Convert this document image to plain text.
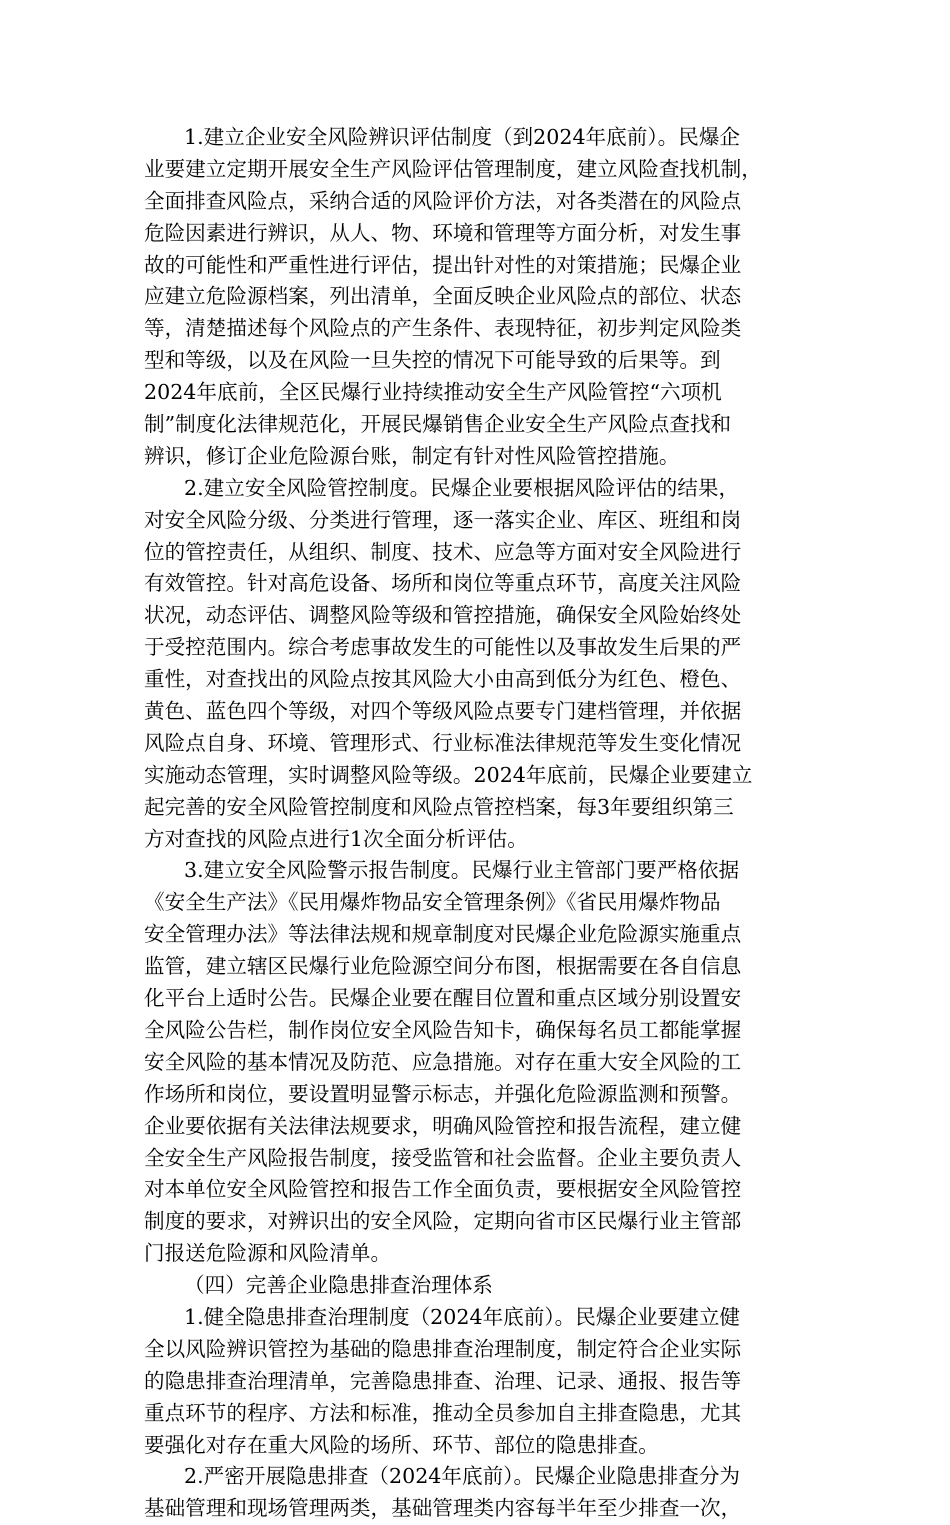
1.建立企业安全风险辨识评估制度（到2024年底前）。民爆企
业要建立定期开展安全生产风险评估管理制度，建立风险查找机制，
全面排查风险点，采纳合适的风险评价方法，对各类潜在的风险点
危险因素进行辨识，从人、物、环境和管理等方面分析，对发生事
故的可能性和严重性进行评估，提出针对性的对策措施；民爆企业
应建立危险源档案，列出清单，全面反映企业风险点的部位、状态
等，清楚描述每个风险点的产生条件、表现特征，初步判定风险类
型和等级，以及在风险一旦失控的情况下可能导致的后果等。到
2024年底前，全区民爆行业持续推动安全生产风险管控“六项机
制”制度化法律规范化，开展民爆销售企业安全生产风险点查找和
辨识，修订企业危险源台账，制定有针对性风险管控措施。
2.建立安全风险管控制度。民爆企业要根据风险评估的结果，
对安全风险分级、分类进行管理，逐一落实企业、库区、班组和岗
位的管控责任，从组织、制度、技术、应急等方面对安全风险进行
有效管控。针对高危设备、场所和岗位等重点环节，高度关注风险
状况，动态评估、调整风险等级和管控措施，确保安全风险始终处
于受控范围内。综合考虑事故发生的可能性以及事故发生后果的严
重性，对查找出的风险点按其风险大小由高到低分为红色、橙色、
黄色、蓝色四个等级，对四个等级风险点要专门建档管理，并依据
风险点自身、环境、管理形式、行业标准法律规范等发生变化情况
实施动态管理，实时调整风险等级。2024年底前，民爆企业要建立
起完善的安全风险管控制度和风险点管控档案，每3年要组织第三
方对查找的风险点进行1次全面分析评估。
3.建立安全风险警示报告制度。民爆行业主管部门要严格依据
《安全生产法》《民用爆炸物品安全管理条例》《省民用爆炸物品
安全管理办法》等法律法规和规章制度对民爆企业危险源实施重点
监管，建立辖区民爆行业危险源空间分布图，根据需要在各自信息
化平台上适时公告。民爆企业要在醒目位置和重点区域分别设置安
全风险公告栏，制作岗位安全风险告知卡，确保每名员工都能掌握
安全风险的基本情况及防范、应急措施。对存在重大安全风险的工
作场所和岗位，要设置明显警示标志，并强化危险源监测和预警。
企业要依据有关法律法规要求，明确风险管控和报告流程，建立健
全安全生产风险报告制度，接受监管和社会监督。企业主要负责人
对本单位安全风险管控和报告工作全面负责，要根据安全风险管控
制度的要求，对辨识出的安全风险，定期向省市区民爆行业主管部
门报送危险源和风险清单。
（四）完善企业隐患排查治理体系
1.健全隐患排查治理制度（2024年底前）。民爆企业要建立健
全以风险辨识管控为基础的隐患排查治理制度，制定符合企业实际
的隐患排查治理清单，完善隐患排查、治理、记录、通报、报告等
重点环节的程序、方法和标准，推动全员参加自主排查隐患，尤其
要强化对存在重大风险的场所、环节、部位的隐患排查。
2.严密开展隐患排查（2024年底前）。民爆企业隐患排查分为
基础管理和现场管理两类，基础管理类内容每半年至少排查一次，
